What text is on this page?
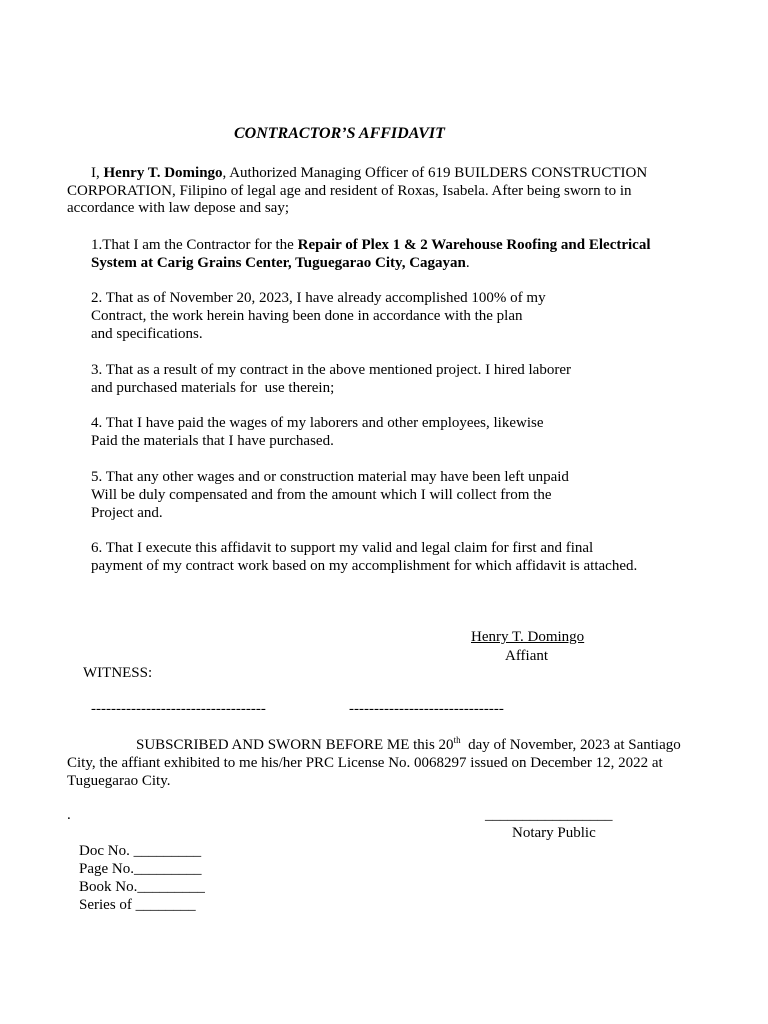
CONTRACTOR’S AFFIDAVIT
I, Henry T. Domingo, Authorized Managing Officer of 619 BUILDERS CONSTRUCTION
CORPORATION, Filipino of legal age and resident of Roxas, Isabela. After being sworn to in
accordance with law depose and say;
1.That I am the Contractor for the Repair of Plex 1 & 2 Warehouse Roofing and Electrical
System at Carig Grains Center, Tuguegarao City, Cagayan.
2. That as of November 20, 2023, I have already accomplished 100% of my
Contract, the work herein having been done in accordance with the plan
and specifications.
3. That as a result of my contract in the above mentioned project. I hired laborer
and purchased materials for  use therein;
4. That I have paid the wages of my laborers and other employees, likewise
Paid the materials that I have purchased.
5. That any other wages and or construction material may have been left unpaid
Will be duly compensated and from the amount which I will collect from the
Project and.
6. That I execute this affidavit to support my valid and legal claim for first and final
payment of my contract work based on my accomplishment for which affidavit is attached.
Henry T. Domingo
Affiant
WITNESS:
-----------------------------------	-------------------------------
SUBSCRIBED AND SWORN BEFORE ME this 20th  day of November, 2023 at Santiago
City, the affiant exhibited to me his/her PRC License No. 0068297 issued on December 12, 2022 at
Tuguegarao City.
.	_________________
Notary Public
Doc No. _________
Page No._________
Book No._________
Series of ________
